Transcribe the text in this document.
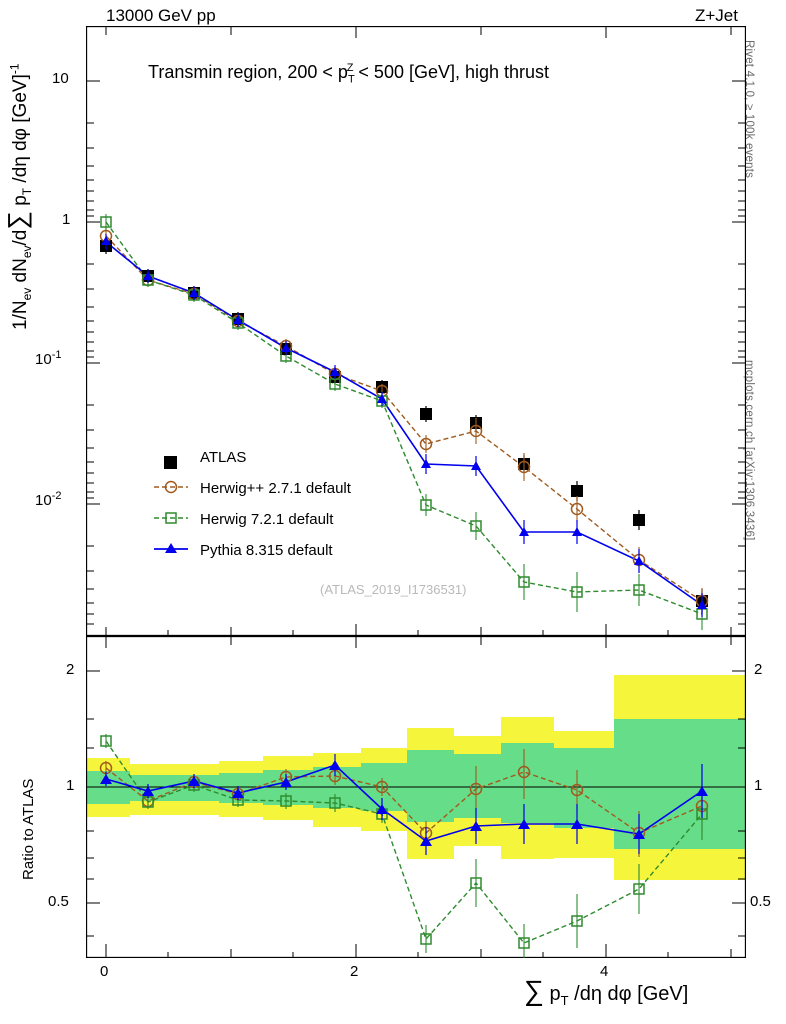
13000 GeV pp	Z+Jet
Rivet 4.1.0, ≥ 100k events
mcplots.cern.ch [arXiv:1306.3436]
$1/N_{ev}$ $dN_{ev}/d\sum$ $p_T$ /dη dφ [GeV]$^{-1}$
Ratio to ATLAS
∑ $p_T$ /dη dφ [GeV]
10
1
$10^{-1}$
$10^{-2}$
Transmin region, $200 < p_T^Z < 500$ [GeV], high thrust
ATLAS
Herwig++ 2.7.1 default
Herwig 7.2.1 default
Pythia 8.315 default
(ATLAS_2019_I1736531)
2
1
0.5
2
1
0.5
0	2	4
